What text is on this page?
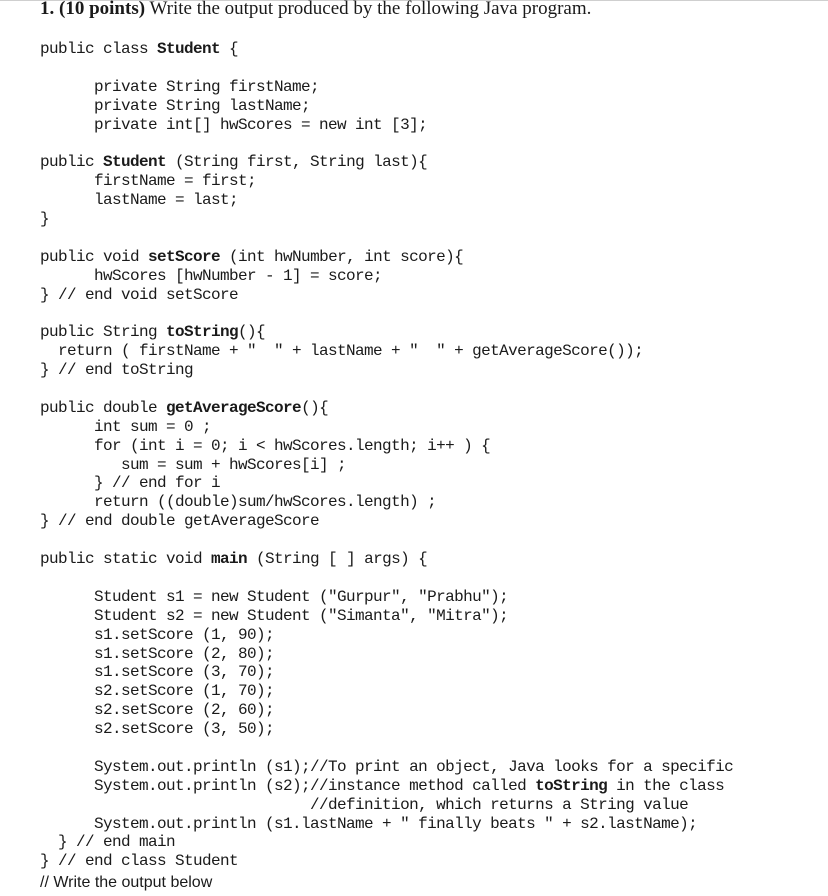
1. (10 points) Write the output produced by the following Java program.
public class Student {
private String firstName;
private String lastName;
private int[] hwScores = new int [3];
public Student (String first, String last){
firstName = first;
lastName = last;
}
public void setScore (int hwNumber, int score){
hwScores [hwNumber - 1] = score;
} // end void setScore
public String toString(){
return ( firstName + "  " + lastName + "  " + getAverageScore());
} // end toString
public double getAverageScore(){
int sum = 0 ;
for (int i = 0; i < hwScores.length; i++ ) {
sum = sum + hwScores[i] ;
} // end for i
return ((double)sum/hwScores.length) ;
} // end double getAverageScore
public static void main (String [ ] args) {
Student s1 = new Student ("Gurpur", "Prabhu");
Student s2 = new Student ("Simanta", "Mitra");
s1.setScore (1, 90);
s1.setScore (2, 80);
s1.setScore (3, 70);
s2.setScore (1, 70);
s2.setScore (2, 60);
s2.setScore (3, 50);
System.out.println (s1);//To print an object, Java looks for a specific
System.out.println (s2);//instance method called toString in the class
//definition, which returns a String value
System.out.println (s1.lastName + " finally beats " + s2.lastName);
} // end main
} // end class Student
// Write the output below
